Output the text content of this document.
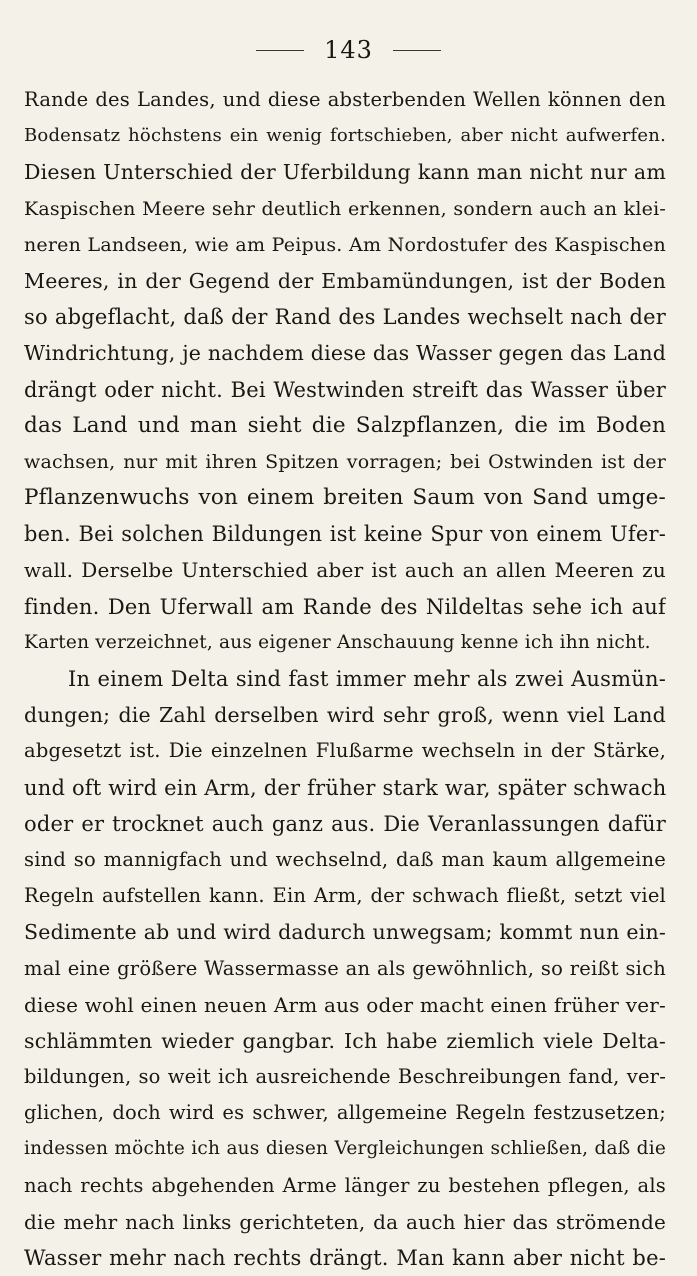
143
Rande des Landes, und diese absterbenden Wellen können den
Bodensatz höchstens ein wenig fortschieben, aber nicht aufwerfen.
Diesen Unterschied der Uferbildung kann man nicht nur am
Kaspischen Meere sehr deutlich erkennen, sondern auch an klei-
neren Landseen, wie am Peipus. Am Nordostufer des Kaspischen
Meeres, in der Gegend der Embamündungen, ist der Boden
so abgeflacht, daß der Rand des Landes wechselt nach der
Windrichtung, je nachdem diese das Wasser gegen das Land
drängt oder nicht. Bei Westwinden streift das Wasser über
das Land und man sieht die Salzpflanzen, die im Boden
wachsen, nur mit ihren Spitzen vorragen; bei Ostwinden ist der
Pflanzenwuchs von einem breiten Saum von Sand umge-
ben. Bei solchen Bildungen ist keine Spur von einem Ufer-
wall. Derselbe Unterschied aber ist auch an allen Meeren zu
finden. Den Uferwall am Rande des Nildeltas sehe ich auf
Karten verzeichnet, aus eigener Anschauung kenne ich ihn nicht.
In einem Delta sind fast immer mehr als zwei Ausmün-
dungen; die Zahl derselben wird sehr groß, wenn viel Land
abgesetzt ist. Die einzelnen Flußarme wechseln in der Stärke,
und oft wird ein Arm, der früher stark war, später schwach
oder er trocknet auch ganz aus. Die Veranlassungen dafür
sind so mannigfach und wechselnd, daß man kaum allgemeine
Regeln aufstellen kann. Ein Arm, der schwach fließt, setzt viel
Sedimente ab und wird dadurch unwegsam; kommt nun ein-
mal eine größere Wassermasse an als gewöhnlich, so reißt sich
diese wohl einen neuen Arm aus oder macht einen früher ver-
schlämmten wieder gangbar. Ich habe ziemlich viele Delta-
bildungen, so weit ich ausreichende Beschreibungen fand, ver-
glichen, doch wird es schwer, allgemeine Regeln festzusetzen;
indessen möchte ich aus diesen Vergleichungen schließen, daß die
nach rechts abgehenden Arme länger zu bestehen pflegen, als
die mehr nach links gerichteten, da auch hier das strömende
Wasser mehr nach rechts drängt. Man kann aber nicht be-
